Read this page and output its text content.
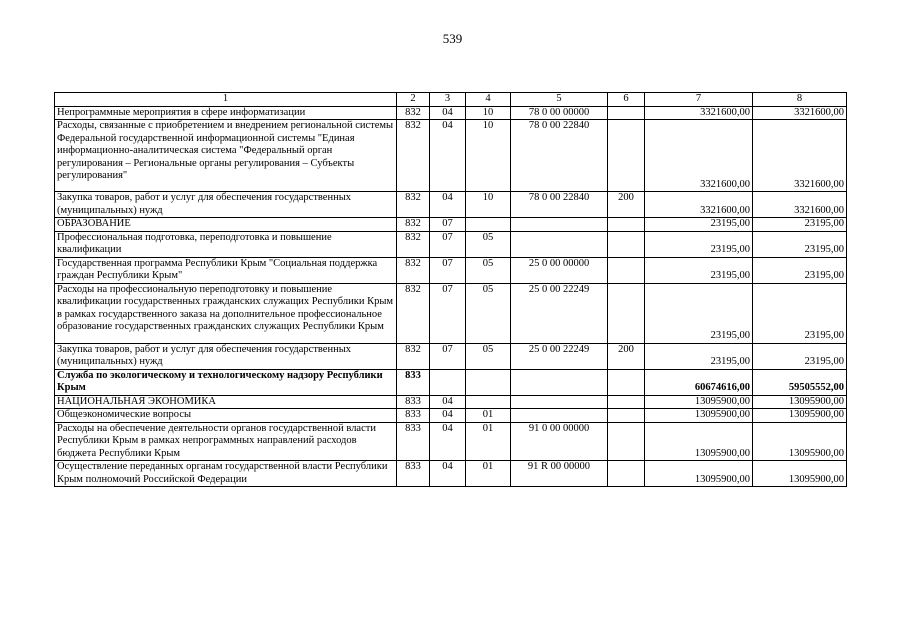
539
1	2	3	4	5	6	7	8
Непрограммные мероприятия в сфере информатизации	832	04	10	78 0 00 00000		3321600,00	3321600,00
Расходы, связанные с приобретением и внедрением региональной системы Федеральной государственной информационной системы "Единая информационно-аналитическая система "Федеральный орган регулирования – Региональные органы регулирования – Субъекты регулирования"	832	04	10	78 0 00 22840		3321600,00	3321600,00
Закупка товаров, работ и услуг для обеспечения государственных (муниципальных) нужд	832	04	10	78 0 00 22840	200	3321600,00	3321600,00
ОБРАЗОВАНИЕ	832	07				23195,00	23195,00
Профессиональная подготовка, переподготовка и повышение квалификации	832	07	05			23195,00	23195,00
Государственная программа Республики Крым "Социальная поддержка граждан Республики Крым"	832	07	05	25 0 00 00000		23195,00	23195,00
Расходы на профессиональную переподготовку и повышение квалификации государственных гражданских служащих Республики Крым в рамках государственного заказа на дополнительное профессиональное образование государственных гражданских служащих Республики Крым	832	07	05	25 0 00 22249		23195,00	23195,00
Закупка товаров, работ и услуг для обеспечения государственных (муниципальных) нужд	832	07	05	25 0 00 22249	200	23195,00	23195,00
Служба по экологическому и технологическому надзору Республики Крым	833					60674616,00	59505552,00
НАЦИОНАЛЬНАЯ ЭКОНОМИКА	833	04				13095900,00	13095900,00
Общеэкономические вопросы	833	04	01			13095900,00	13095900,00
Расходы на обеспечение деятельности органов государственной власти Республики Крым в рамках непрограммных направлений расходов бюджета Республики Крым	833	04	01	91 0 00 00000		13095900,00	13095900,00
Осуществление переданных органам государственной власти Республики Крым полномочий Российской Федерации	833	04	01	91 R 00 00000		13095900,00	13095900,00
